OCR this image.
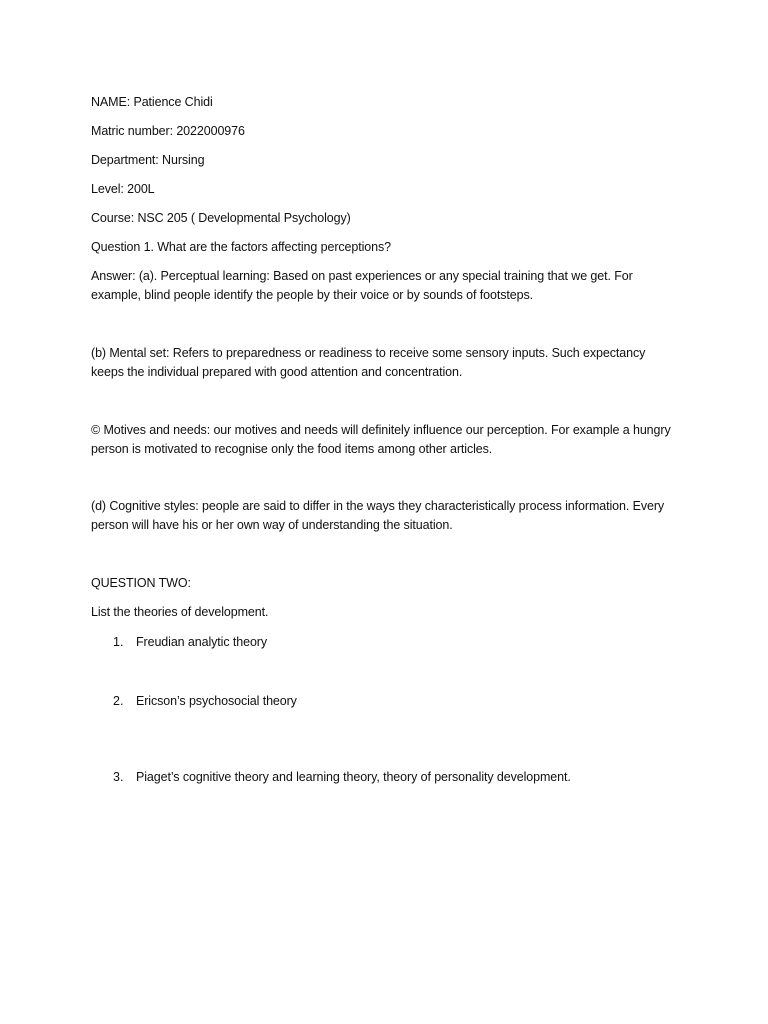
NAME: Patience Chidi
Matric number: 2022000976
Department: Nursing
Level: 200L
Course: NSC 205 ( Developmental Psychology)
Question 1. What are the factors affecting perceptions?
Answer: (a). Perceptual learning: Based on past experiences or any special training that we get. For example, blind people identify the people by their voice or by sounds of footsteps.
(b) Mental set: Refers to preparedness or readiness to receive some sensory inputs. Such expectancy keeps the individual prepared with good attention and concentration.
© Motives and needs: our motives and needs will definitely influence our perception. For example a hungry person is motivated to recognise only the food items among other articles.
(d) Cognitive styles: people are said to differ in the ways they characteristically process information. Every person will have his or her own way of understanding the situation.
QUESTION TWO:
List the theories of development.
1. Freudian analytic theory
2. Ericson’s psychosocial theory
3. Piaget’s cognitive theory and learning theory, theory of personality development.
